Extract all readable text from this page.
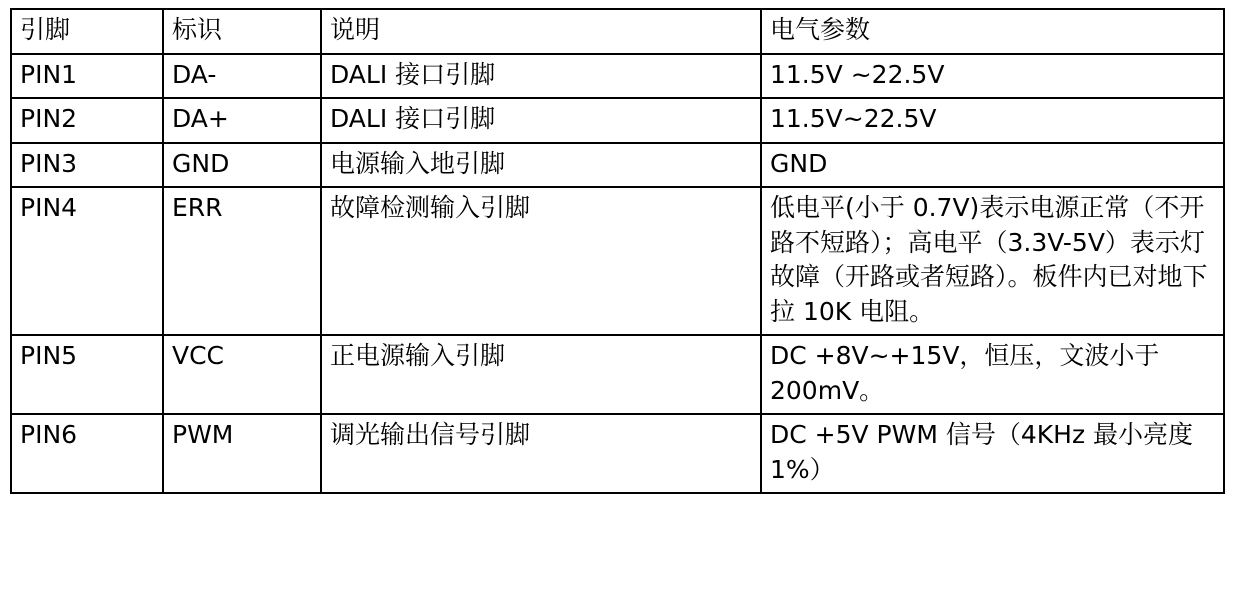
引脚	标识	说明	电气参数

PIN1	DA-	DALI 接口引脚	11.5V ~22.5V

PIN2	DA+	DALI 接口引脚	11.5V~22.5V

PIN3	GND	电源输入地引脚	GND

PIN4	ERR	故障检测输入引脚	低电平(小于 0.7V)表示电源正常（不开路不短路）；高电平（3.3V-5V）表示灯故障（开路或者短路）。板件内已对地下拉 10K 电阻。

PIN5	VCC	正电源输入引脚	DC +8V~+15V，恒压，文波小于 200mV。

PIN6	PWM	调光输出信号引脚	DC +5V PWM 信号（4KHz 最小亮度 1%）
